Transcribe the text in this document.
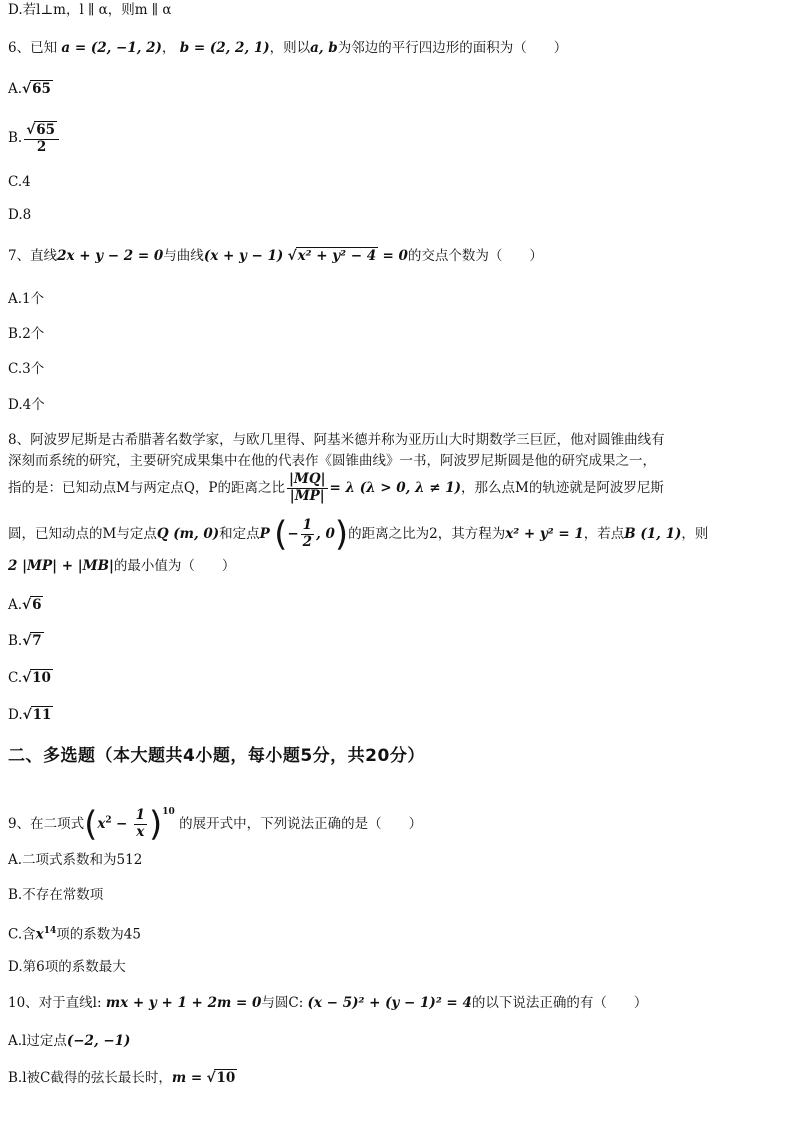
D.若l⊥m，l ∥ α，则m ∥ α
6、已知 a = (2, −1, 2)， b = (2, 2, 1)，则以a, b为邻边的平行四边形的面积为（　　）
A.√65
B. $\frac{√65}{2}$
C.4
D.8
7、直线2x + y − 2 = 0与曲线(x + y − 1) √x² + y² − 4 = 0的交点个数为（　　）
A.1个
B.2个
C.3个
D.4个
8、阿波罗尼斯是古希腊著名数学家，与欧几里得、阿基米德并称为亚历山大时期数学三巨匠，他对圆锥曲线有
深刻而系统的研究，主要研究成果集中在他的代表作《圆锥曲线》一书，阿波罗尼斯圆是他的研究成果之一，
指的是：已知动点M与两定点Q，P的距离之比 $\frac{|MQ|}{|MP|} = \lambda$ (λ > 0, λ ≠ 1)，那么点M的轨迹就是阿波罗尼斯
圆，已知动点的M与定点Q (m, 0)和定点P (− $\frac{1}{2}$ , 0)的距离之比为2，其方程为x² + y² = 1，若点B (1, 1)，则
2 |MP| + |MB|的最小值为（　　）
A.√6
B.√7
C.√10
D.√11
二、多选题（本大题共4小题，每小题5分，共20分）
9、在二项式$(x^2 - \frac{1}{x} )^{10}$ 的展开式中，下列说法正确的是（　　）
A.二项式系数和为512
B.不存在常数项
C.含$x^{14}$项的系数为45
D.第6项的系数最大
10、对于直线l: mx + y + 1 + 2m = 0与圆C: (x − 5)² + (y − 1)² = 4的以下说法正确的有（　　）
A.l过定点(−2, −1)
B.l被C截得的弦长最长时，m = √10
